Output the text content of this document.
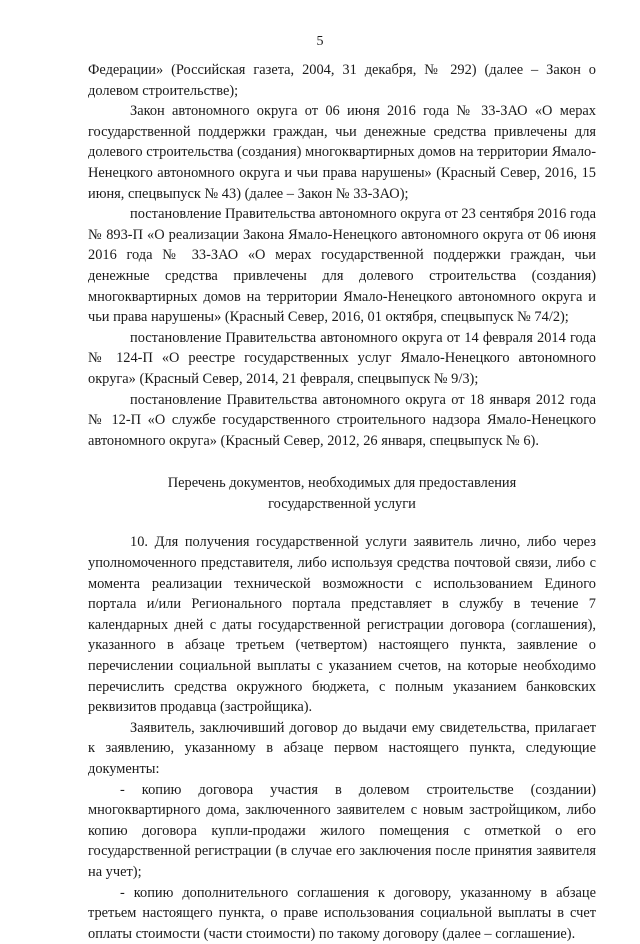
5

Федерации» (Российская газета, 2004, 31 декабря, № 292) (далее – Закон о долевом строительстве);

Закон автономного округа от 06 июня 2016 года № 33-ЗАО «О мерах государственной поддержки граждан, чьи денежные средства привлечены для долевого строительства (создания) многоквартирных домов на территории Ямало-Ненецкого автономного округа и чьи права нарушены» (Красный Север, 2016, 15 июня, спецвыпуск № 43) (далее – Закон № 33-ЗАО);

постановление Правительства автономного округа от 23 сентября 2016 года № 893-П «О реализации Закона Ямало-Ненецкого автономного округа от 06 июня 2016 года № 33-ЗАО «О мерах государственной поддержки граждан, чьи денежные средства привлечены для долевого строительства (создания) многоквартирных домов на территории Ямало-Ненецкого автономного округа и чьи права нарушены» (Красный Север, 2016, 01 октября, спецвыпуск № 74/2);

постановление Правительства автономного округа от 14 февраля 2014 года № 124-П «О реестре государственных услуг Ямало-Ненецкого автономного округа» (Красный Север, 2014, 21 февраля, спецвыпуск № 9/3);

постановление Правительства автономного округа от 18 января 2012 года № 12-П «О службе государственного строительного надзора Ямало-Ненецкого автономного округа» (Красный Север, 2012, 26 января, спецвыпуск № 6).

Перечень документов, необходимых для предоставления
государственной услуги

10. Для получения государственной услуги заявитель лично, либо через уполномоченного представителя, либо используя средства почтовой связи, либо с момента реализации технической возможности с использованием Единого портала и/или Регионального портала представляет в службу в течение 7 календарных дней с даты государственной регистрации договора (соглашения), указанного в абзаце третьем (четвертом) настоящего пункта, заявление о перечислении социальной выплаты с указанием счетов, на которые необходимо перечислить средства окружного бюджета, с полным указанием банковских реквизитов продавца (застройщика).

Заявитель, заключивший договор до выдачи ему свидетельства, прилагает к заявлению, указанному в абзаце первом настоящего пункта, следующие документы:

- копию договора участия в долевом строительстве (создании) многоквартирного дома, заключенного заявителем с новым застройщиком, либо копию договора купли-продажи жилого помещения с отметкой о его государственной регистрации (в случае его заключения после принятия заявителя на учет);

- копию дополнительного соглашения к договору, указанному в абзаце третьем настоящего пункта, о праве использования социальной выплаты в счет оплаты стоимости (части стоимости) по такому договору (далее – соглашение).
